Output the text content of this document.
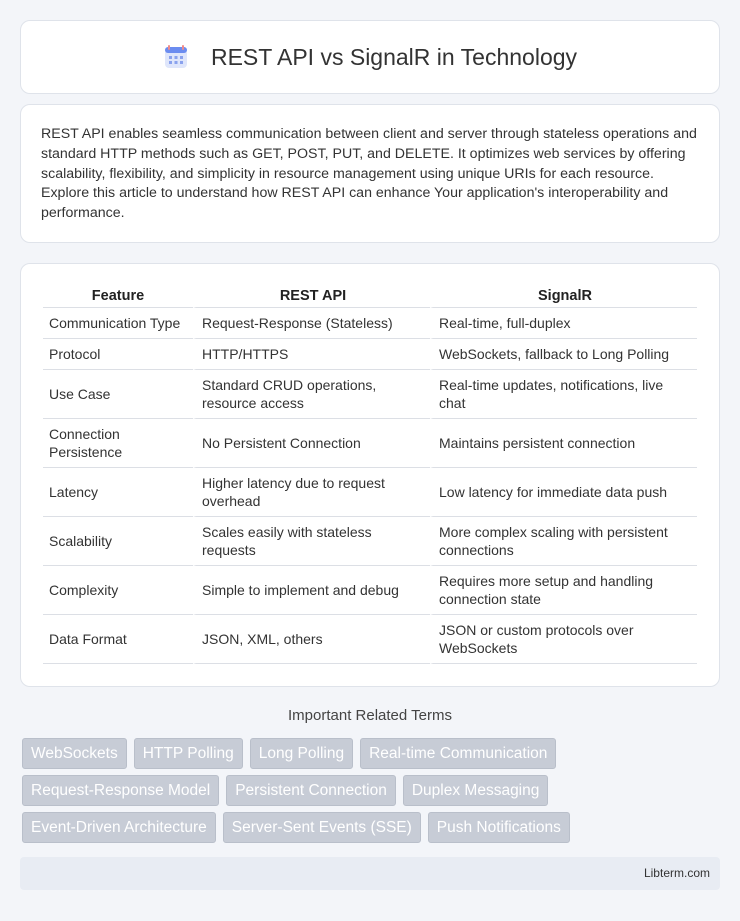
REST API vs SignalR in Technology

REST API enables seamless communication between client and server through stateless operations and standard HTTP methods such as GET, POST, PUT, and DELETE. It optimizes web services by offering scalability, flexibility, and simplicity in resource management using unique URIs for each resource. Explore this article to understand how REST API can enhance Your application's interoperability and performance.

Feature	REST API	SignalR
Communication Type	Request-Response (Stateless)	Real-time, full-duplex
Protocol	HTTP/HTTPS	WebSockets, fallback to Long Polling
Use Case	Standard CRUD operations, resource access	Real-time updates, notifications, live chat
Connection Persistence	No Persistent Connection	Maintains persistent connection
Latency	Higher latency due to request overhead	Low latency for immediate data push
Scalability	Scales easily with stateless requests	More complex scaling with persistent connections
Complexity	Simple to implement and debug	Requires more setup and handling connection state
Data Format	JSON, XML, others	JSON or custom protocols over WebSockets
Important Related Terms
WebSockets	HTTP Polling	Long Polling	Real-time Communication
Request-Response Model	Persistent Connection	Duplex Messaging
Event-Driven Architecture	Server-Sent Events (SSE)	Push Notifications
Libterm.com
